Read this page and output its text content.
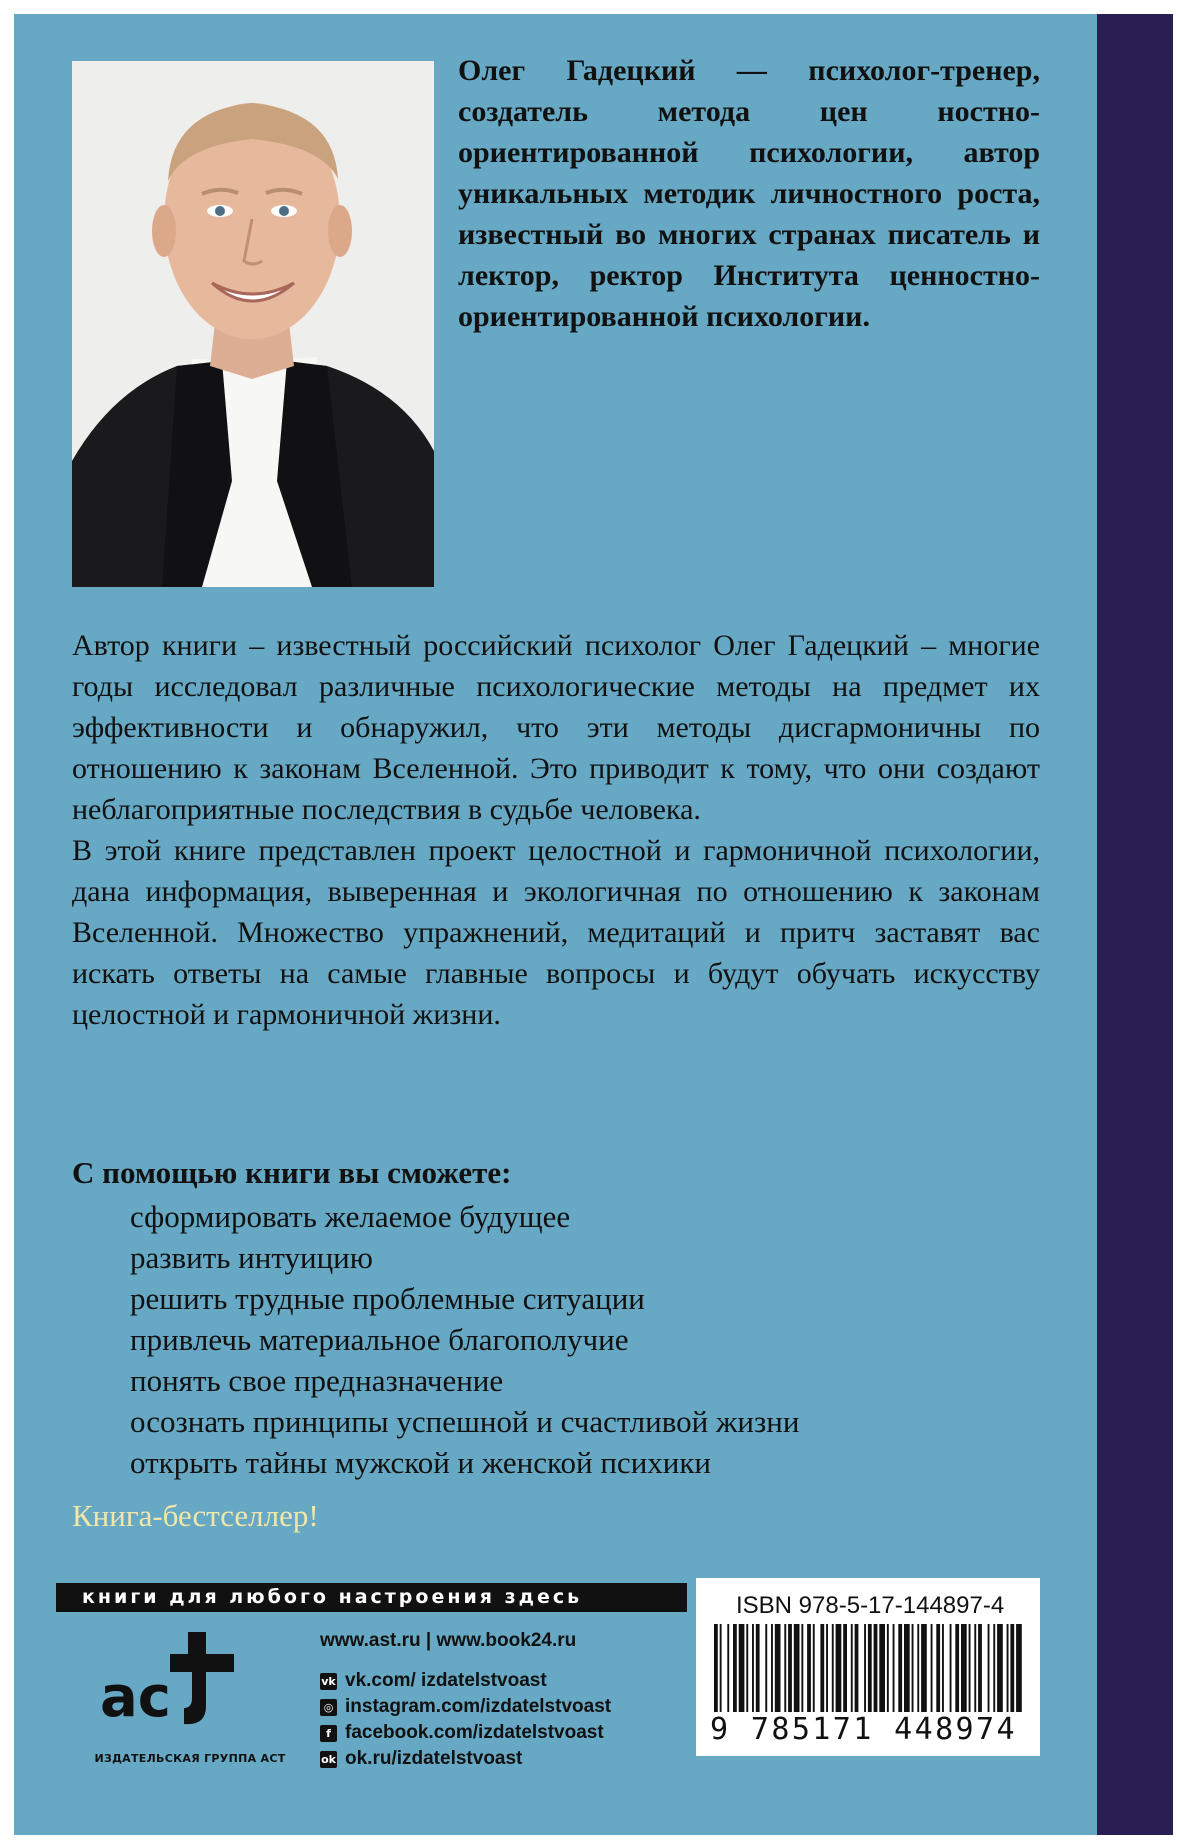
Олег Гадецкий — психолог-тренер, создатель метода цен ностно-ориентированной психологии, автор уникальных методик личностного роста, известный во многих странах писатель и лектор, ректор Института ценностно-ориентированной психологии.

Автор книги – известный российский психолог Олег Гадецкий – многие годы исследовал различные психологические методы на предмет их эффективности и обнаружил, что эти методы дисгармоничны по отношению к законам Вселенной. Это приводит к тому, что они создают неблагоприятные последствия в судьбе человека.

В этой книге представлен проект целостной и гармоничной психологии, дана информация, выверенная и экологичная по отношению к законам Вселенной. Множество упражнений, медитаций и притч заставят вас искать ответы на самые главные вопросы и будут обучать искусству целостной и гармоничной жизни.

С помощью книги вы сможете:
сформировать желаемое будущее
развить интуицию
решить трудные проблемные ситуации
привлечь материальное благополучие
понять свое предназначение
осознать принципы успешной и счастливой жизни
открыть тайны мужской и женской психики
Книга-бестселлер!
книги для любого настроения здесь
ac
ИЗДАТЕЛЬСКАЯ ГРУППА АСТ
www.ast.ru | www.book24.ru
vk vk.com/ izdatelstvoast
◎ instagram.com/izdatelstvoast
f facebook.com/izdatelstvoast
ok ok.ru/izdatelstvoast
ISBN 978-5-17-144897-4
9 785171 448974
